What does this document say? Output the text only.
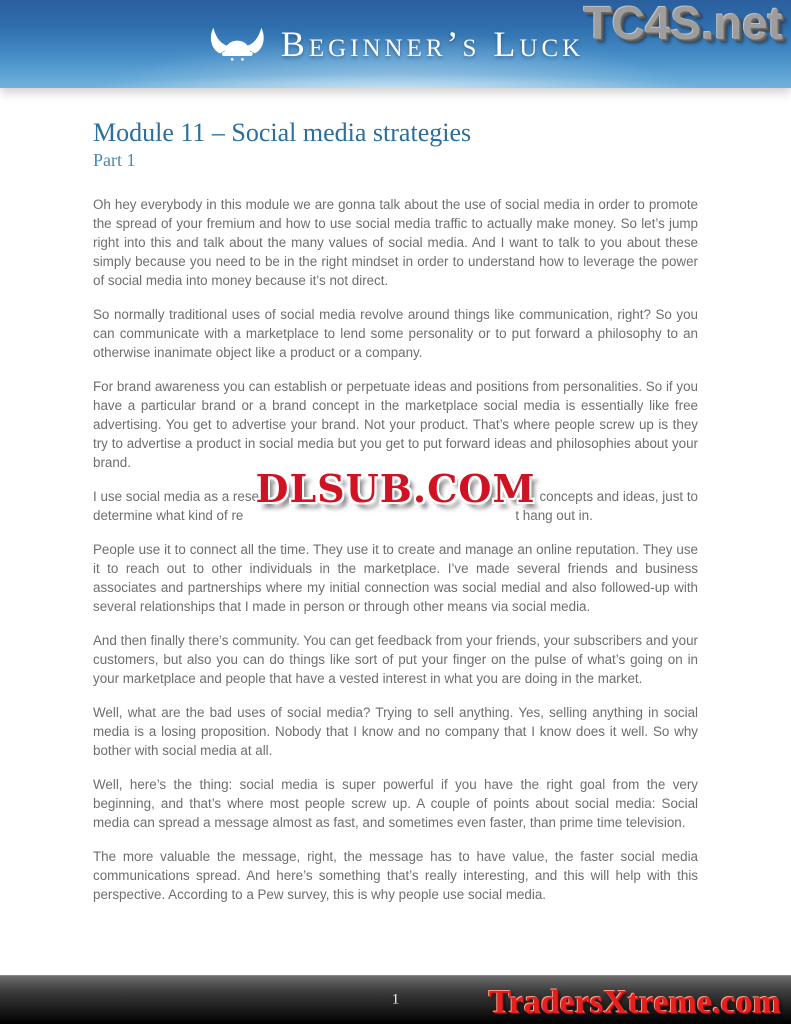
Beginner’s Luck TC4S.net
Module 11 – Social media strategies
Part 1

Oh hey everybody in this module we are gonna talk about the use of social media in order to promote the spread of your fremium and how to use social media traffic to actually make money. So let’s jump right into this and talk about the many values of social media. And I want to talk to you about these simply because you need to be in the right mindset in order to understand how to leverage the power of social media into money because it’s not direct.

So normally traditional uses of social media revolve around things like communication, right? So you can communicate with a marketplace to lend some personality or to put forward a philosophy to an otherwise inanimate object like a product or a company.

For brand awareness you can establish or perpetuate ideas and positions from personalities. So if you have a particular brand or a brand concept in the marketplace social media is essentially like free advertising. You get to advertise your brand. Not your product. That’s where people screw up is they try to advertise a product in social media but you get to put forward ideas and philosophies about your brand.

I use social media as a rese	concepts and ideas, just to
determine what kind of re	t hang out in.
DLSUB.COM

People use it to connect all the time. They use it to create and manage an online reputation. They use it to reach out to other individuals in the marketplace. I’ve made several friends and business associates and partnerships where my initial connection was social medial and also followed-up with several relationships that I made in person or through other means via social media.

And then finally there’s community. You can get feedback from your friends, your subscribers and your customers, but also you can do things like sort of put your finger on the pulse of what’s going on in your marketplace and people that have a vested interest in what you are doing in the market.

Well, what are the bad uses of social media? Trying to sell anything. Yes, selling anything in social media is a losing proposition. Nobody that I know and no company that I know does it well. So why bother with social media at all.

Well, here’s the thing: social media is super powerful if you have the right goal from the very beginning, and that’s where most people screw up. A couple of points about social media: Social media can spread a message almost as fast, and sometimes even faster, than prime time television.

The more valuable the message, right, the message has to have value, the faster social media communications spread. And here’s something that’s really interesting, and this will help with this perspective. According to a Pew survey, this is why people use social media.

1	TradersXtreme.com
